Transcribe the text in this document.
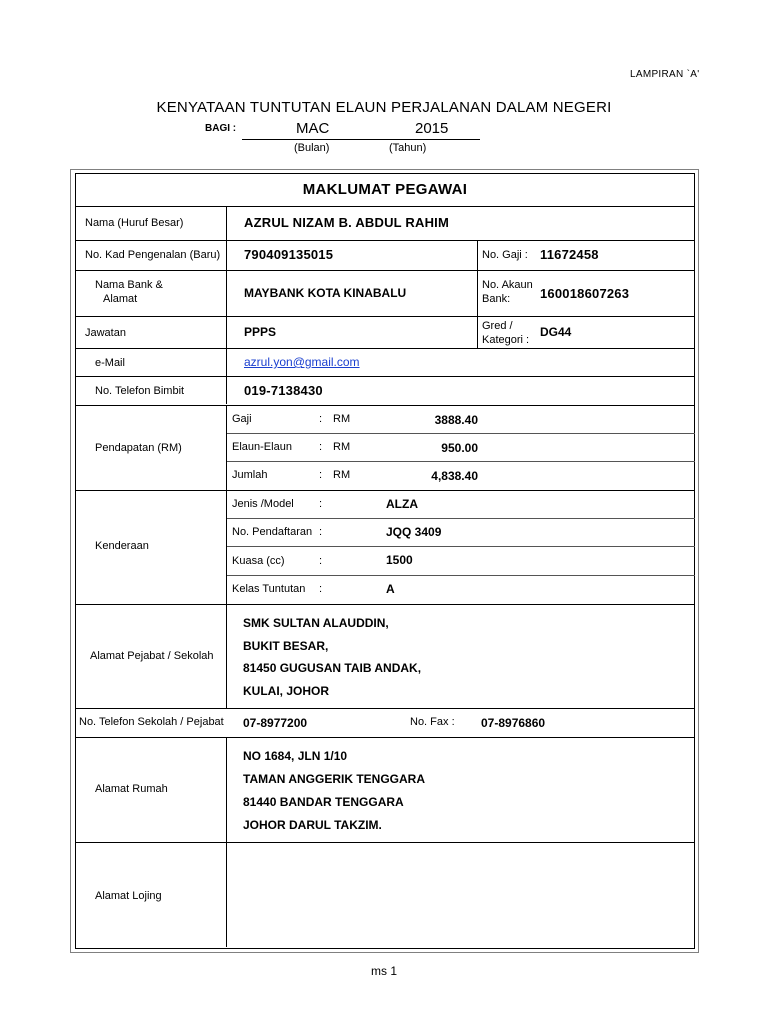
LAMPIRAN `A'
KENYATAAN TUNTUTAN ELAUN PERJALANAN DALAM NEGERI
BAGI :	MAC	2015
(Bulan)	(Tahun)
MAKLUMAT PEGAWAI
Nama (Huruf Besar)	AZRUL NIZAM B. ABDUL RAHIM
No. Kad Pengenalan (Baru) 790409135015	No. Gaji : 11672458
Nama Bank &
Alamat	MAYBANK KOTA KINABALU
No. Akaun
Bank: 160018607263
Jawatan	PPPS	Gred /
Kategori :
DG44
e-Mail	azrul.yon@gmail.com
No. Telefon Bimbit	019-7138430
Pendapatan (RM)
Gaji	: RM	3888.40
Elaun-Elaun : RM	950.00
Jumlah	: RM	4,838.40
Kenderaan
Jenis /Model :	ALZA
No. Pendaftaran :	JQQ 3409
Kuasa (cc)	:	1500
Kelas Tuntutan :	A
Alamat Pejabat / Sekolah
SMK SULTAN ALAUDDIN,
BUKIT BESAR,
81450 GUGUSAN TAIB ANDAK,
KULAI, JOHOR
No. Telefon Sekolah / Pejabat 07-8977200	No. Fax : 07-8976860
Alamat Rumah
NO 1684, JLN 1/10
TAMAN ANGGERIK TENGGARA
81440 BANDAR TENGGARA
JOHOR DARUL TAKZIM.
Alamat Lojing
ms 1
